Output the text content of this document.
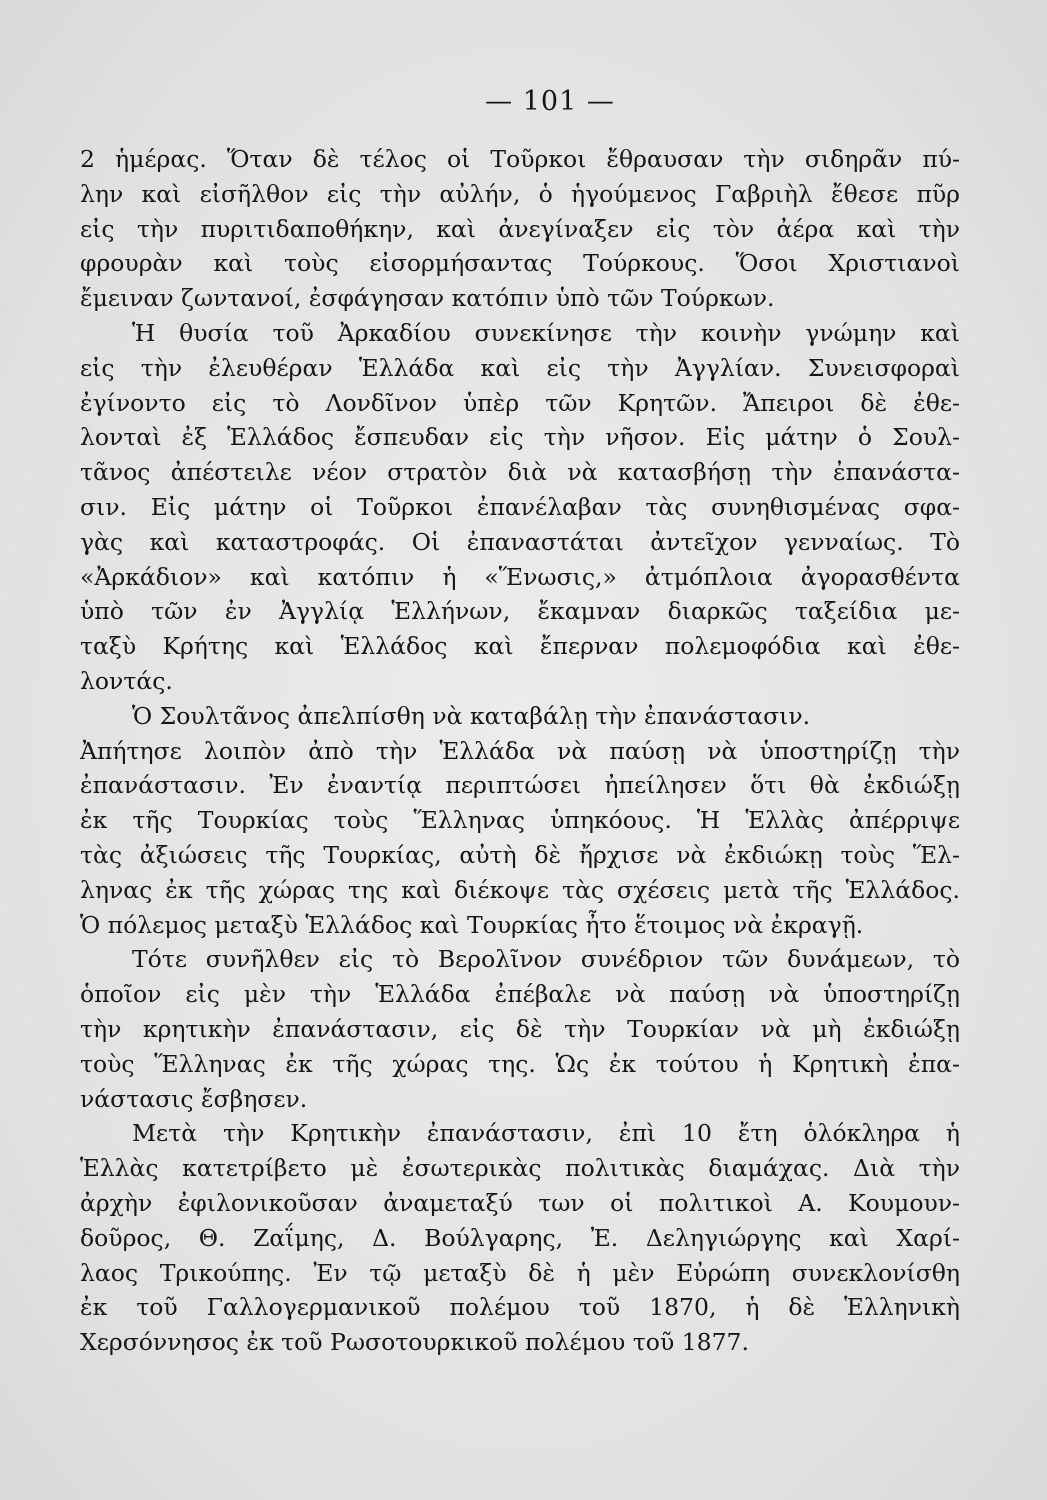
— 101 —
2 ἡμέρας. Ὅταν δὲ τέλος οἱ Τοῦρκοι ἔθραυσαν τὴν σιδηρᾶν πύ-
λην καὶ εἰσῆλθον εἰς τὴν αὐλήν, ὁ ἡγούμενος Γαβριὴλ ἔθεσε πῦρ
εἰς τὴν πυριτιδαποθήκην, καὶ ἀνεγίναξεν εἰς τὸν ἀέρα καὶ τὴν
φρουρὰν καὶ τοὺς εἰσορμήσαντας Τούρκους. Ὅσοι Χριστιανοὶ
ἔμειναν ζωντανοί, ἐσφάγησαν κατόπιν ὑπὸ τῶν Τούρκων.
Ἡ θυσία τοῦ Ἀρκαδίου συνεκίνησε τὴν κοινὴν γνώμην καὶ
εἰς τὴν ἐλευθέραν Ἑλλάδα καὶ εἰς τὴν Ἀγγλίαν. Συνεισφοραὶ
ἐγίνοντο εἰς τὸ Λονδῖνον ὑπὲρ τῶν Κρητῶν. Ἄπειροι δὲ ἐθε-
λονταὶ ἐξ Ἑλλάδος ἔσπευδαν εἰς τὴν νῆσον. Εἰς μάτην ὁ Σουλ-
τᾶνος ἀπέστειλε νέον στρατὸν διὰ νὰ κατασβήσῃ τὴν ἐπανάστα-
σιν. Εἰς μάτην οἱ Τοῦρκοι ἐπανέλαβαν τὰς συνηθισμένας σφα-
γὰς καὶ καταστροφάς. Οἱ ἐπαναστάται ἀντεῖχον γενναίως. Τὸ
«Ἀρκάδιον» καὶ κατόπιν ἡ «Ἕνωσις,» ἀτμόπλοια ἀγορασθέντα
ὑπὸ τῶν ἐν Ἀγγλίᾳ Ἑλλήνων, ἔκαμναν διαρκῶς ταξείδια με-
ταξὺ Κρήτης καὶ Ἑλλάδος καὶ ἔπερναν πολεμοφόδια καὶ ἐθε-
λοντάς.
Ὁ Σουλτᾶνος ἀπελπίσθη νὰ καταβάλῃ τὴν ἐπανάστασιν.
Ἀπήτησε λοιπὸν ἀπὸ τὴν Ἑλλάδα νὰ παύσῃ νὰ ὑποστηρίζῃ τὴν
ἐπανάστασιν. Ἐν ἐναντίᾳ περιπτώσει ἠπείλησεν ὅτι θὰ ἐκδιώξῃ
ἐκ τῆς Τουρκίας τοὺς Ἕλληνας ὑπηκόους. Ἡ Ἑλλὰς ἀπέρριψε
τὰς ἀξιώσεις τῆς Τουρκίας, αὐτὴ δὲ ἤρχισε νὰ ἐκδιώκῃ τοὺς Ἕλ-
ληνας ἐκ τῆς χώρας της καὶ διέκοψε τὰς σχέσεις μετὰ τῆς Ἑλλάδος.
Ὁ πόλεμος μεταξὺ Ἑλλάδος καὶ Τουρκίας ἦτο ἕτοιμος νὰ ἐκραγῇ.
Τότε συνῆλθεν εἰς τὸ Βερολῖνον συνέδριον τῶν δυνάμεων, τὸ
ὁποῖον εἰς μὲν τὴν Ἑλλάδα ἐπέβαλε νὰ παύσῃ νὰ ὑποστηρίζῃ
τὴν κρητικὴν ἐπανάστασιν, εἰς δὲ τὴν Τουρκίαν νὰ μὴ ἐκδιώξῃ
τοὺς Ἕλληνας ἐκ τῆς χώρας της. Ὡς ἐκ τούτου ἡ Κρητικὴ ἐπα-
νάστασις ἔσβησεν.
Μετὰ τὴν Κρητικὴν ἐπανάστασιν, ἐπὶ 10 ἔτη ὁλόκληρα ἡ
Ἑλλὰς κατετρίβετο μὲ ἐσωτερικὰς πολιτικὰς διαμάχας. Διὰ τὴν
ἀρχὴν ἐφιλονικοῦσαν ἀναμεταξύ των οἱ πολιτικοὶ Α. Κουμουν-
δοῦρος, Θ. Ζαΐμης, Δ. Βούλγαρης, Ἐ. Δεληγιώργης καὶ Χαρί-
λαος Τρικούπης. Ἐν τῷ μεταξὺ δὲ ἡ μὲν Εὐρώπη συνεκλονίσθη
ἐκ τοῦ Γαλλογερμανικοῦ πολέμου τοῦ 1870, ἡ δὲ Ἑλληνικὴ
Χερσόννησος ἐκ τοῦ Ρωσοτουρκικοῦ πολέμου τοῦ 1877.
